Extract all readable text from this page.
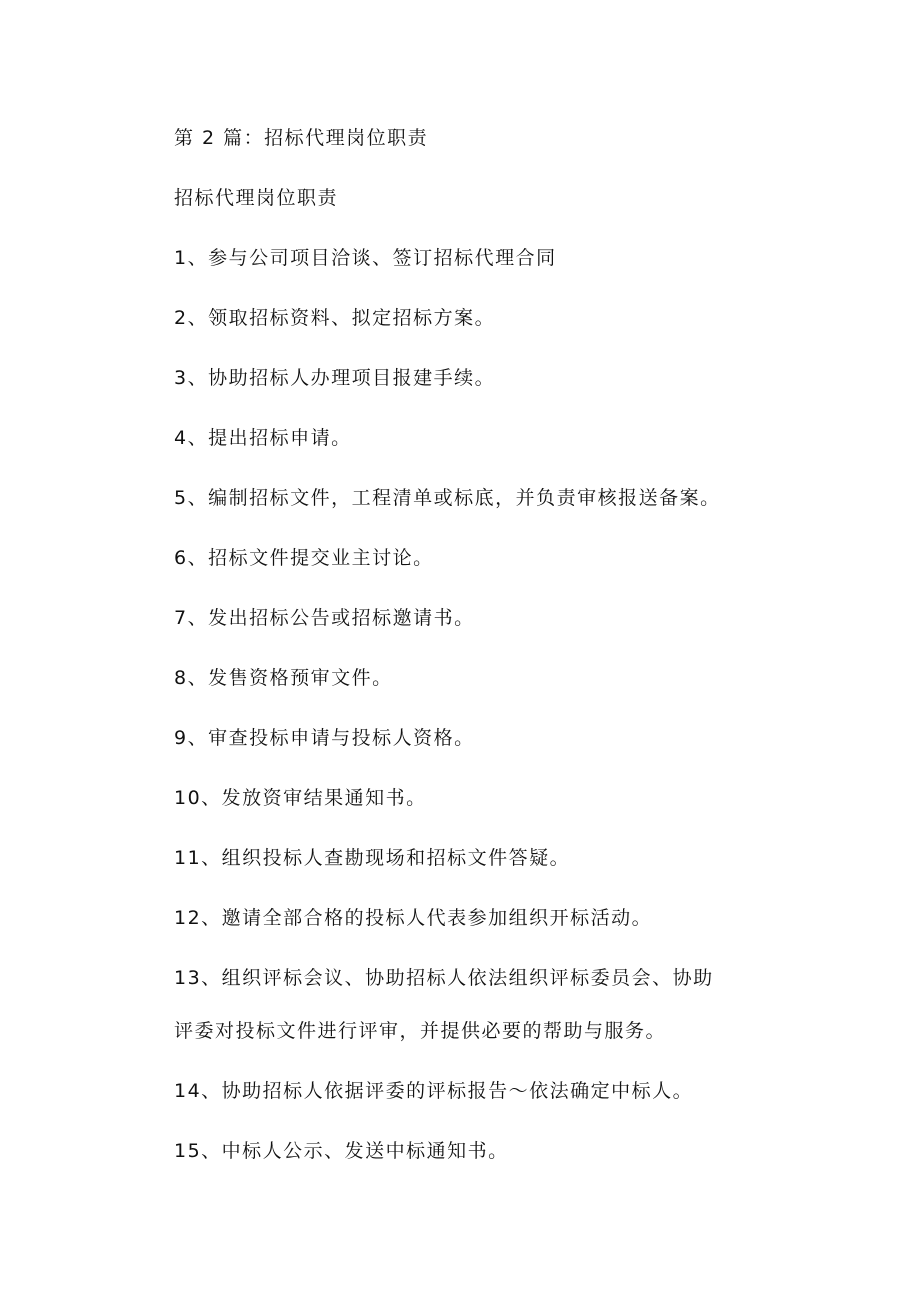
第 2 篇：招标代理岗位职责
招标代理岗位职责
1、参与公司项目洽谈、签订招标代理合同
2、领取招标资料、拟定招标方案。
3、协助招标人办理项目报建手续。
4、提出招标申请。
5、编制招标文件，工程清单或标底，并负责审核报送备案。
6、招标文件提交业主讨论。
7、发出招标公告或招标邀请书。
8、发售资格预审文件。
9、审查投标申请与投标人资格。
10、发放资审结果通知书。
11、组织投标人查勘现场和招标文件答疑。
12、邀请全部合格的投标人代表参加组织开标活动。
13、组织评标会议、协助招标人依法组织评标委员会、协助
评委对投标文件进行评审，并提供必要的帮助与服务。
14、协助招标人依据评委的评标报告～依法确定中标人。
15、中标人公示、发送中标通知书。
